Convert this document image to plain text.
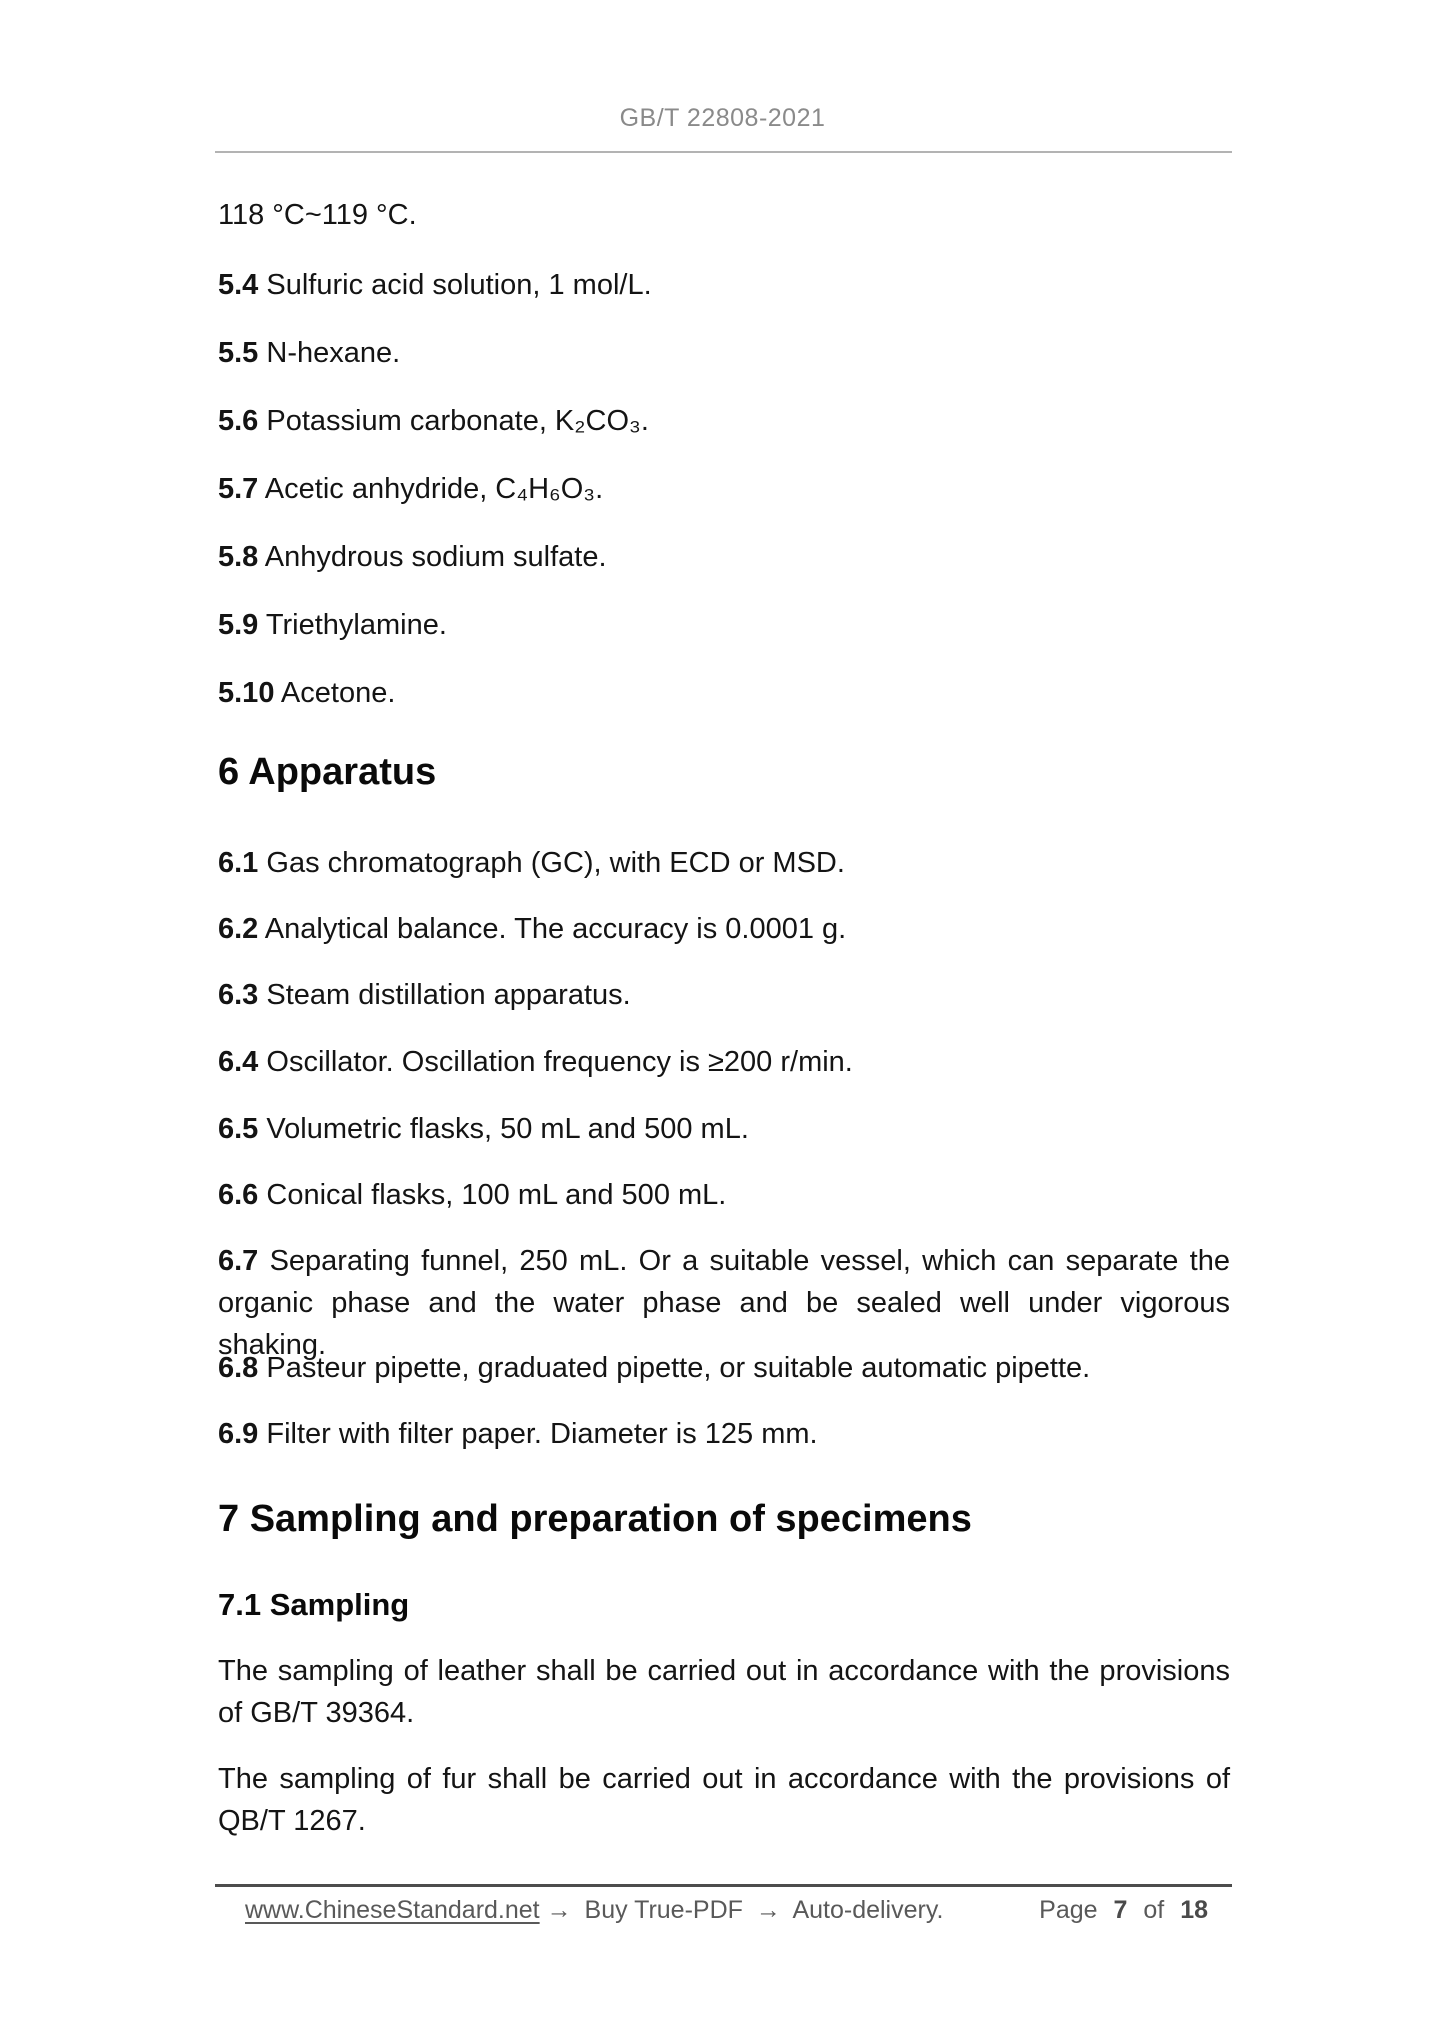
GB/T 22808-2021
118 °C~119 °C.
5.4 Sulfuric acid solution, 1 mol/L.
5.5 N-hexane.
5.6 Potassium carbonate, K₂CO₃.
5.7 Acetic anhydride, C₄H₆O₃.
5.8 Anhydrous sodium sulfate.
5.9 Triethylamine.
5.10 Acetone.
6 Apparatus
6.1 Gas chromatograph (GC), with ECD or MSD.
6.2 Analytical balance. The accuracy is 0.0001 g.
6.3 Steam distillation apparatus.
6.4 Oscillator. Oscillation frequency is ≥200 r/min.
6.5 Volumetric flasks, 50 mL and 500 mL.
6.6 Conical flasks, 100 mL and 500 mL.
6.7 Separating funnel, 250 mL. Or a suitable vessel, which can separate the organic phase and the water phase and be sealed well under vigorous shaking.
6.8 Pasteur pipette, graduated pipette, or suitable automatic pipette.
6.9 Filter with filter paper. Diameter is 125 mm.
7 Sampling and preparation of specimens
7.1 Sampling
The sampling of leather shall be carried out in accordance with the provisions of GB/T 39364.
The sampling of fur shall be carried out in accordance with the provisions of QB/T 1267.
www.ChineseStandard.net → Buy True-PDF → Auto-delivery.	Page 7 of 18
